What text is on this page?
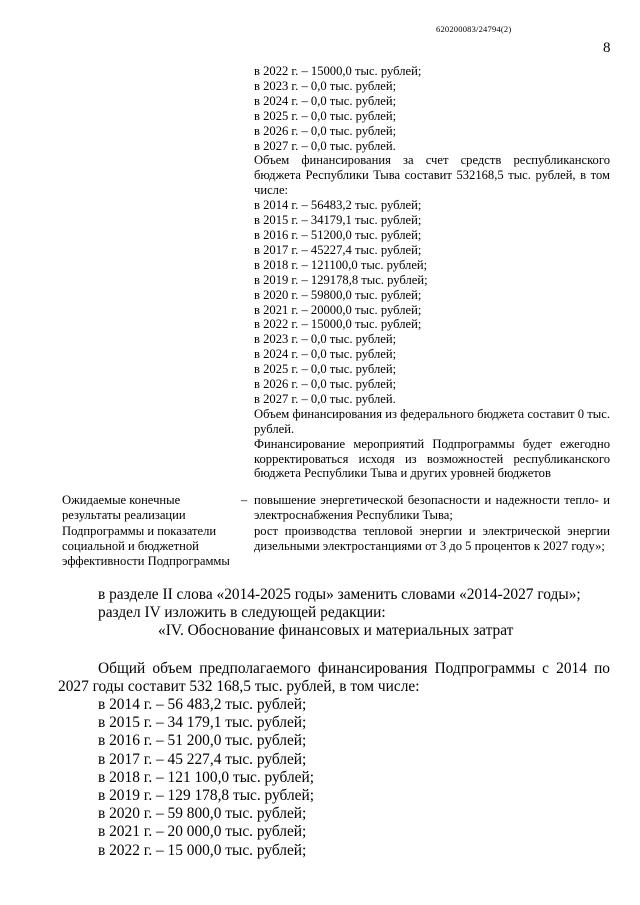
620200083/24794(2)
8
в 2022 г. – 15000,0 тыс. рублей;
в 2023 г. – 0,0 тыс. рублей;
в 2024 г. – 0,0 тыс. рублей;
в 2025 г. – 0,0 тыс. рублей;
в 2026 г. – 0,0 тыс. рублей;
в 2027 г. – 0,0 тыс. рублей.
Объем финансирования за счет средств республиканского бюджета Республики Тыва составит 532168,5 тыс. рублей, в том числе:
в 2014 г. – 56483,2 тыс. рублей;
в 2015 г. – 34179,1 тыс. рублей;
в 2016 г. – 51200,0 тыс. рублей;
в 2017 г. – 45227,4 тыс. рублей;
в 2018 г. – 121100,0 тыс. рублей;
в 2019 г. – 129178,8 тыс. рублей;
в 2020 г. – 59800,0 тыс. рублей;
в 2021 г. – 20000,0 тыс. рублей;
в 2022 г. – 15000,0 тыс. рублей;
в 2023 г. – 0,0 тыс. рублей;
в 2024 г. – 0,0 тыс. рублей;
в 2025 г. – 0,0 тыс. рублей;
в 2026 г. – 0,0 тыс. рублей;
в 2027 г. – 0,0 тыс. рублей.
Объем финансирования из федерального бюджета составит 0 тыс. рублей.
Финансирование мероприятий Подпрограммы будет ежегодно корректироваться исходя из возможностей республиканского бюджета Республики Тыва и других уровней бюджетов
Ожидаемые конечные результаты реализации Подпрограммы и показатели социальной и бюджетной эффективности Подпрограммы
– повышение энергетической безопасности и надежности тепло- и электроснабжения Республики Тыва;
рост производства тепловой энергии и электрической энергии дизельными электростанциями от 3 до 5 процентов к 2027 году»;
в разделе II слова «2014-2025 годы» заменить словами «2014-2027 годы»;
раздел IV изложить в следующей редакции:
«IV. Обоснование финансовых и материальных затрат
Общий объем предполагаемого финансирования Подпрограммы с 2014 по 2027 годы составит 532 168,5 тыс. рублей, в том числе:
в 2014 г. – 56 483,2 тыс. рублей;
в 2015 г. – 34 179,1 тыс. рублей;
в 2016 г. – 51 200,0 тыс. рублей;
в 2017 г. – 45 227,4 тыс. рублей;
в 2018 г. – 121 100,0 тыс. рублей;
в 2019 г. – 129 178,8 тыс. рублей;
в 2020 г. – 59 800,0 тыс. рублей;
в 2021 г. – 20 000,0 тыс. рублей;
в 2022 г. – 15 000,0 тыс. рублей;
